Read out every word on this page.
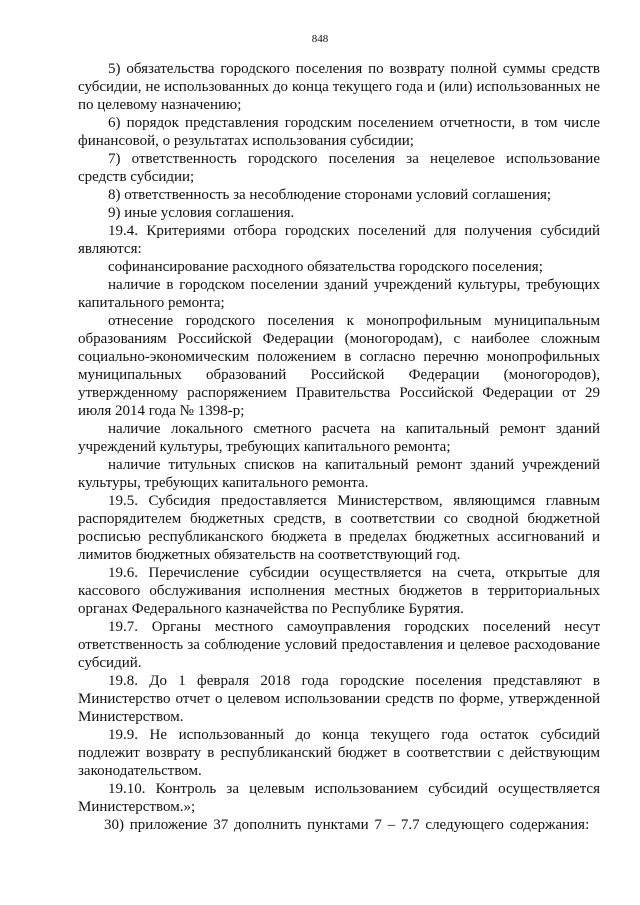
848

5) обязательства городского поселения по возврату полной суммы средств субсидии, не использованных до конца текущего года и (или) использованных не по целевому назначению;

6) порядок представления городским поселением отчетности, в том числе финансовой, о результатах использования субсидии;

7) ответственность городского поселения за нецелевое использование средств субсидии;

8) ответственность за несоблюдение сторонами условий соглашения;

9) иные условия соглашения.

19.4. Критериями отбора городских поселений для получения субсидий являются:

софинансирование расходного обязательства городского поселения;

наличие в городском поселении зданий учреждений культуры, требующих капитального ремонта;

отнесение городского поселения к монопрофильным муниципальным образованиям Российской Федерации (моногородам), с наиболее сложным социально-экономическим положением в согласно перечню монопрофильных муниципальных образований Российской Федерации (моногородов), утвержденному распоряжением Правительства Российской Федерации от 29 июля 2014 года № 1398-р;

наличие локального сметного расчета на капитальный ремонт зданий учреждений культуры, требующих капитального ремонта;

наличие титульных списков на капитальный ремонт зданий учреждений культуры, требующих капитального ремонта.

19.5. Субсидия предоставляется Министерством, являющимся главным распорядителем бюджетных средств, в соответствии со сводной бюджетной росписью республиканского бюджета в пределах бюджетных ассигнований и лимитов бюджетных обязательств на соответствующий год.

19.6. Перечисление субсидии осуществляется на счета, открытые для кассового обслуживания исполнения местных бюджетов в территориальных органах Федерального казначейства по Республике Бурятия.

19.7. Органы местного самоуправления городских поселений несут ответственность за соблюдение условий предоставления и целевое расходование субсидий.

19.8. До 1 февраля 2018 года городские поселения представляют в Министерство отчет о целевом использовании средств по форме, утвержденной Министерством.

19.9. Не использованный до конца текущего года остаток субсидий подлежит возврату в республиканский бюджет в соответствии с действующим законодательством.

19.10. Контроль за целевым использованием субсидий осуществляется Министерством.»;

30) приложение 37 дополнить пунктами 7 – 7.7 следующего содержания:
